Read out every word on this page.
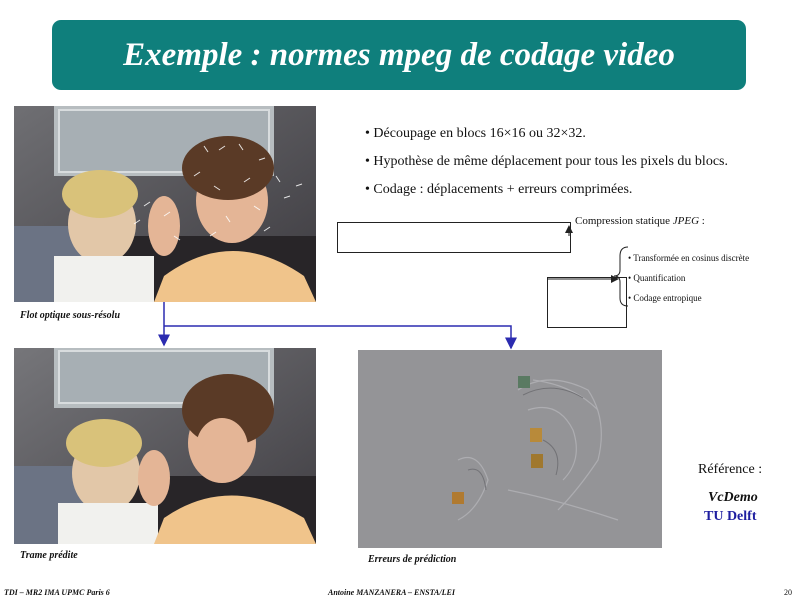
Exemple : normes mpeg de codage video
Flot optique sous-résolu
Trame prédite	Erreurs de prédiction
• Découpage en blocs 16×16 ou 32×32.
• Hypothèse de même déplacement pour tous les pixels du blocs.
• Codage : déplacements + erreurs comprimées.
Compression statique JPEG :
• Transformée en cosinus discrète
• Quantification
• Codage entropique
Référence :
VcDemo
TU Delft
TDI – MR2 IMA UPMC Paris 6	Antoine MANZANERA – ENSTA/LEI	20
